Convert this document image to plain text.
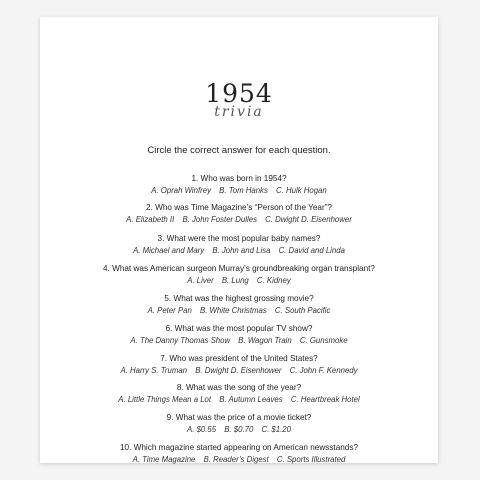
1954
trivia
Circle the correct answer for each question.
1. Who was born in 1954?
A. Oprah Winfrey B. Tom Hanks C. Hulk Hogan
2. Who was Time Magazine’s “Person of the Year”?
A. Elizabeth II B. John Foster Dulles C. Dwight D. Eisenhower
3. What were the most popular baby names?
A. Michael and Mary B. John and Lisa C. David and Linda
4. What was American surgeon Murray’s groundbreaking organ transplant?
A. Liver B. Lung C. Kidney
5. What was the highest grossing movie?
A. Peter Pan B. White Christmas C. South Pacific
6. What was the most popular TV show?
A. The Danny Thomas Show B. Wagon Train C. Gunsmoke
7. Who was president of the United States?
A. Harry S. Truman B. Dwight D. Eisenhower C. John F. Kennedy
8. What was the song of the year?
A. Little Things Mean a Lot B. Autumn Leaves C. Heartbreak Hotel
9. What was the price of a movie ticket?
A. $0.55 B. $0.70 C. $1.20
10. Which magazine started appearing on American newsstands?
A. Time Magazine B. Reader’s Digest C. Sports Illustrated
